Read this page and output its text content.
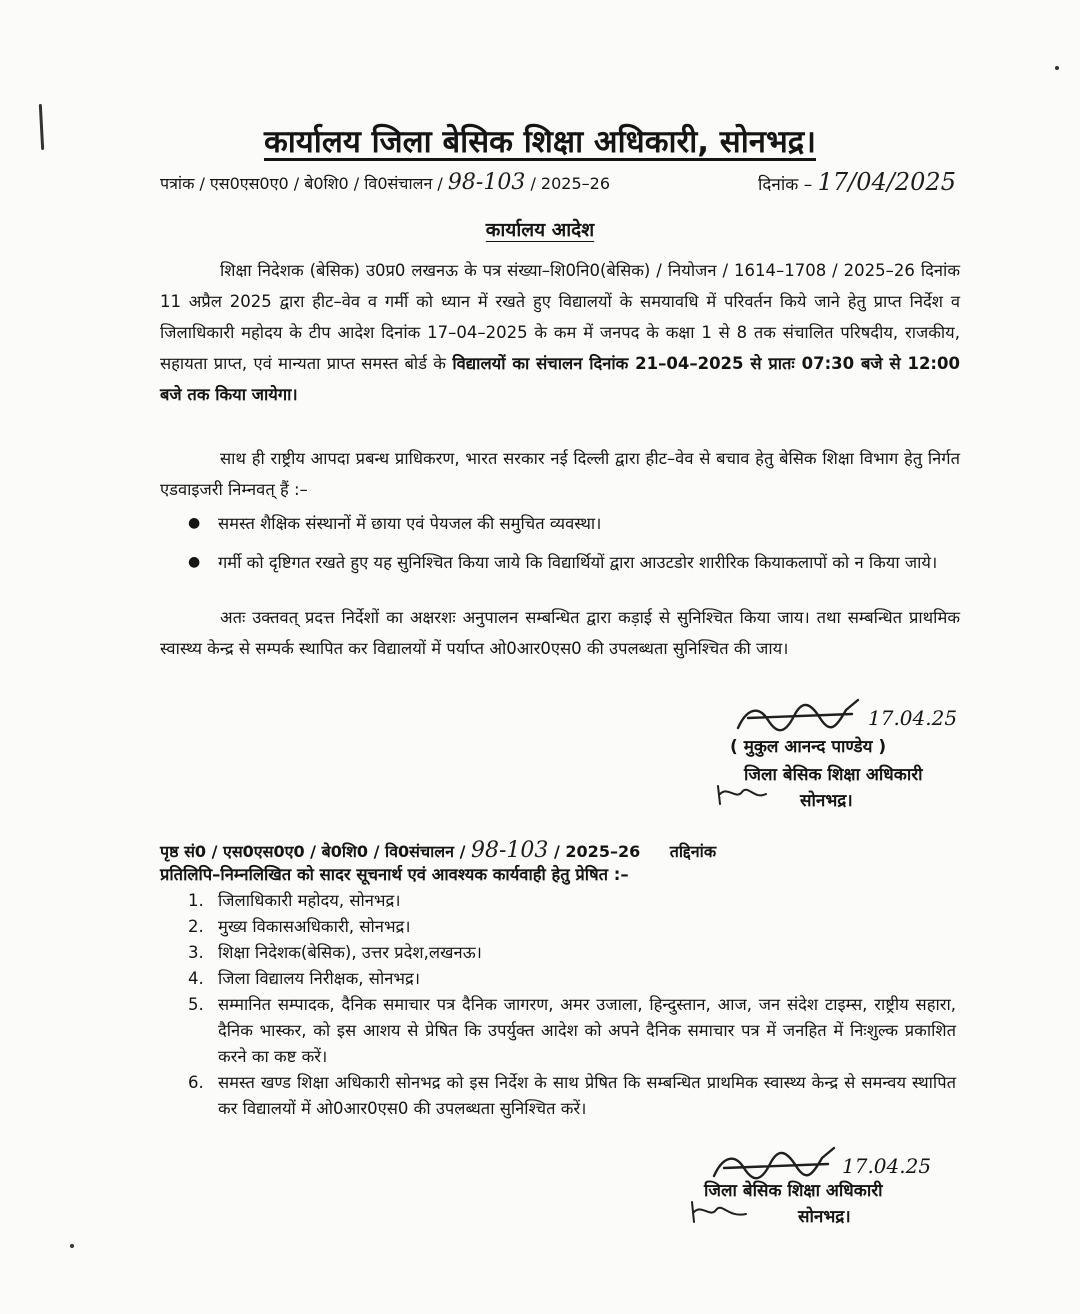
कार्यालय जिला बेसिक शिक्षा अधिकारी, सोनभद्र।
पत्रांक / एस0एस0ए0 / बे0शि0 / वि0संचालन / 98-103 / 2025–26	दिनांक – 17/04/2025
कार्यालय आदेश
शिक्षा निदेशक (बेसिक) उ0प्र0 लखनऊ के पत्र संख्या–शि0नि0(बेसिक) / नियोजन / 1614–1708 / 2025–26 दिनांक 11 अप्रैल 2025 द्वारा हीट–वेव व गर्मी को ध्यान में रखते हुए विद्यालयों के समयावधि में परिवर्तन किये जाने हेतु प्राप्त निर्देश व जिलाधिकारी महोदय के टीप आदेश दिनांक 17–04–2025 के कम में जनपद के कक्षा 1 से 8 तक संचालित परिषदीय, राजकीय, सहायता प्राप्त, एवं मान्यता प्राप्त समस्त बोर्ड के विद्यालयों का संचालन दिनांक 21–04–2025 से प्रातः 07:30 बजे से 12:00 बजे तक किया जायेगा।
साथ ही राष्ट्रीय आपदा प्रबन्ध प्राधिकरण, भारत सरकार नई दिल्ली द्वारा हीट–वेव से बचाव हेतु बेसिक शिक्षा विभाग हेतु निर्गत एडवाइजरी निम्नवत् हैं :–
● समस्त शैक्षिक संस्थानों में छाया एवं पेयजल की समुचित व्यवस्था।
● गर्मी को दृष्टिगत रखते हुए यह सुनिश्चित किया जाये कि विद्यार्थियों द्वारा आउटडोर शारीरिक कियाकलापों को न किया जाये।
अतः उक्तवत् प्रदत्त निर्देशों का अक्षरशः अनुपालन सम्बन्धित द्वारा कड़ाई से सुनिश्चित किया जाय। तथा सम्बन्धित प्राथमिक स्वास्थ्य केन्द्र से सम्पर्क स्थापित कर विद्यालयों में पर्याप्त ओ0आर0एस0 की उपलब्धता सुनिश्चित की जाय।
17.04.25
( मुकुल आनन्द पाण्डेय )
जिला बेसिक शिक्षा अधिकारी
सोनभद्र।
पृष्ठ सं0 / एस0एस0ए0 / बे0शि0 / वि0संचालन / 98-103 / 2025–26 तद्दिनांक
प्रतिलिपि–निम्नलिखित को सादर सूचनार्थ एवं आवश्यक कार्यवाही हेतु प्रेषित :–
1. जिलाधिकारी महोदय, सोनभद्र।
2. मुख्य विकासअधिकारी, सोनभद्र।
3. शिक्षा निदेशक(बेसिक), उत्तर प्रदेश,लखनऊ।
4. जिला विद्यालय निरीक्षक, सोनभद्र।
5. सम्मानित सम्पादक, दैनिक समाचार पत्र दैनिक जागरण, अमर उजाला, हिन्दुस्तान, आज, जन संदेश टाइम्स, राष्ट्रीय सहारा, दैनिक भास्कर, को इस आशय से प्रेषित कि उपर्युक्त आदेश को अपने दैनिक समाचार पत्र में जनहित में निःशुल्क प्रकाशित करने का कष्ट करें।
6. समस्त खण्ड शिक्षा अधिकारी सोनभद्र को इस निर्देश के साथ प्रेषित कि सम्बन्धित प्राथमिक स्वास्थ्य केन्द्र से समन्वय स्थापित कर विद्यालयों में ओ0आर0एस0 की उपलब्धता सुनिश्चित करें।
17.04.25
जिला बेसिक शिक्षा अधिकारी
सोनभद्र।
